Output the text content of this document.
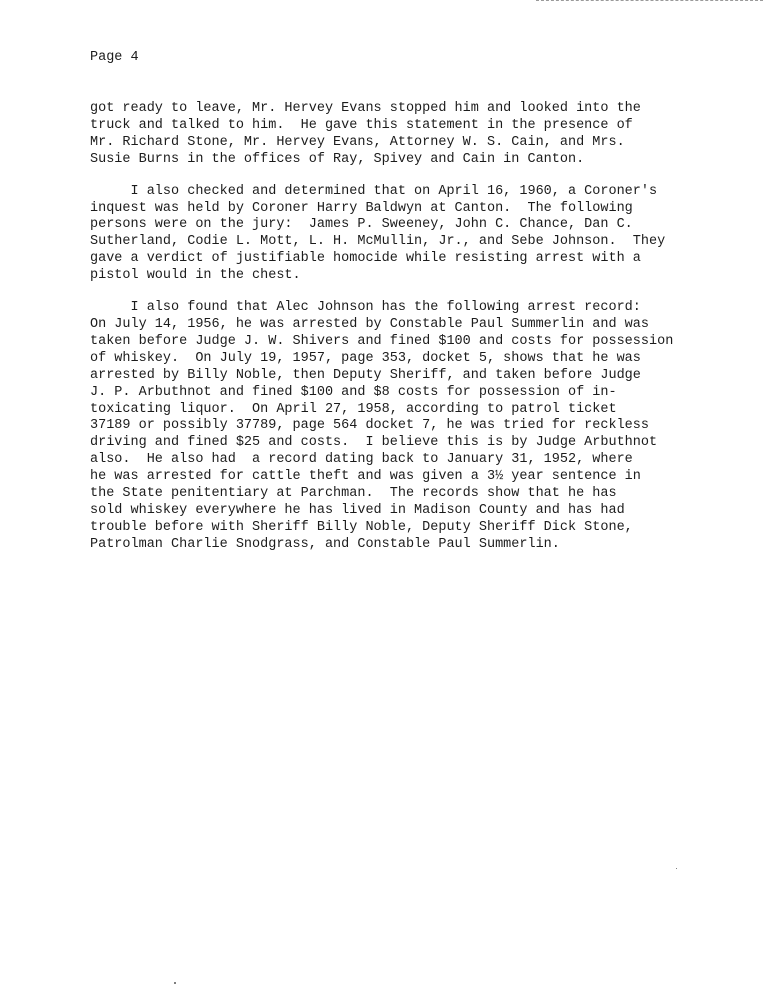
Page 4
got ready to leave, Mr. Hervey Evans stopped him and looked into the
truck and talked to him.  He gave this statement in the presence of
Mr. Richard Stone, Mr. Hervey Evans, Attorney W. S. Cain, and Mrs.
Susie Burns in the offices of Ray, Spivey and Cain in Canton.
I also checked and determined that on April 16, 1960, a Coroner's
inquest was held by Coroner Harry Baldwyn at Canton.  The following
persons were on the jury:  James P. Sweeney, John C. Chance, Dan C.
Sutherland, Codie L. Mott, L. H. McMullin, Jr., and Sebe Johnson.  They
gave a verdict of justifiable homocide while resisting arrest with a
pistol would in the chest.
I also found that Alec Johnson has the following arrest record:
On July 14, 1956, he was arrested by Constable Paul Summerlin and was
taken before Judge J. W. Shivers and fined $100 and costs for possession
of whiskey.  On July 19, 1957, page 353, docket 5, shows that he was
arrested by Billy Noble, then Deputy Sheriff, and taken before Judge
J. P. Arbuthnot and fined $100 and $8 costs for possession of in-
toxicating liquor.  On April 27, 1958, according to patrol ticket
37189 or possibly 37789, page 564 docket 7, he was tried for reckless
driving and fined $25 and costs.  I believe this is by Judge Arbuthnot
also.  He also had  a record dating back to January 31, 1952, where
he was arrested for cattle theft and was given a 3½ year sentence in
the State penitentiary at Parchman.  The records show that he has
sold whiskey everywhere he has lived in Madison County and has had
trouble before with Sheriff Billy Noble, Deputy Sheriff Dick Stone,
Patrolman Charlie Snodgrass, and Constable Paul Summerlin.
